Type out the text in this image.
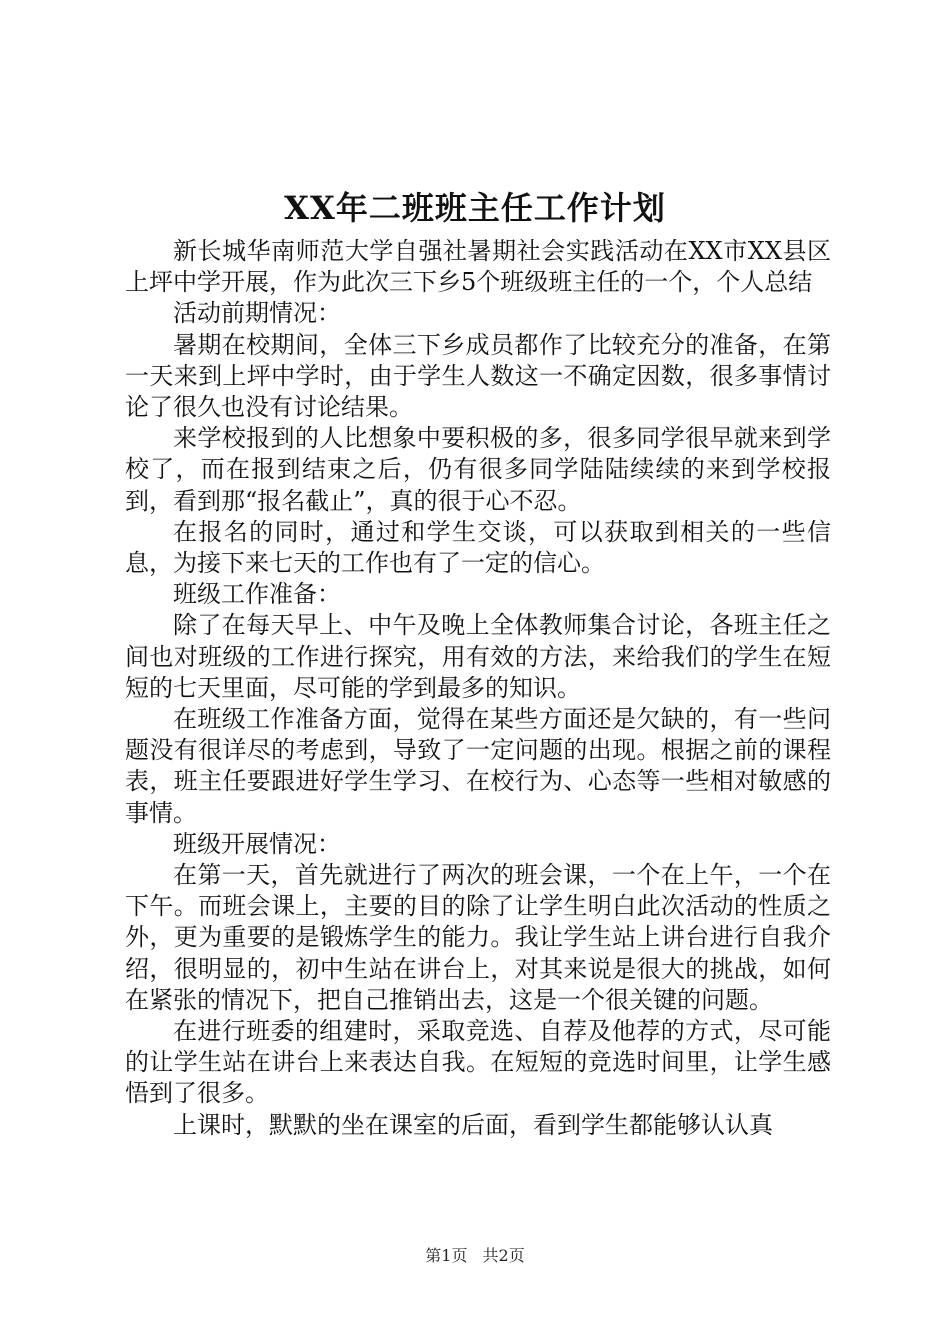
XX年二班班主任工作计划

新长城华南师范大学自强社暑期社会实践活动在XX市XX县区上坪中学开展，作为此次三下乡5个班级班主任的一个，个人总结

活动前期情况：

暑期在校期间，全体三下乡成员都作了比较充分的准备，在第一天来到上坪中学时，由于学生人数这一不确定因数，很多事情讨论了很久也没有讨论结果。

来学校报到的人比想象中要积极的多，很多同学很早就来到学校了，而在报到结束之后，仍有很多同学陆陆续续的来到学校报到，看到那“报名截止”，真的很于心不忍。

在报名的同时，通过和学生交谈，可以获取到相关的一些信息，为接下来七天的工作也有了一定的信心。

班级工作准备：

除了在每天早上、中午及晚上全体教师集合讨论，各班主任之间也对班级的工作进行探究，用有效的方法，来给我们的学生在短短的七天里面，尽可能的学到最多的知识。

在班级工作准备方面，觉得在某些方面还是欠缺的，有一些问题没有很详尽的考虑到，导致了一定问题的出现。根据之前的课程表，班主任要跟进好学生学习、在校行为、心态等一些相对敏感的事情。

班级开展情况：

在第一天，首先就进行了两次的班会课，一个在上午，一个在下午。而班会课上，主要的目的除了让学生明白此次活动的性质之外，更为重要的是锻炼学生的能力。我让学生站上讲台进行自我介绍，很明显的，初中生站在讲台上，对其来说是很大的挑战，如何在紧张的情况下，把自己推销出去，这是一个很关键的问题。

在进行班委的组建时，采取竞选、自荐及他荐的方式，尽可能的让学生站在讲台上来表达自我。在短短的竞选时间里，让学生感悟到了很多。

上课时，默默的坐在课室的后面，看到学生都能够认认真

第1页 共2页
